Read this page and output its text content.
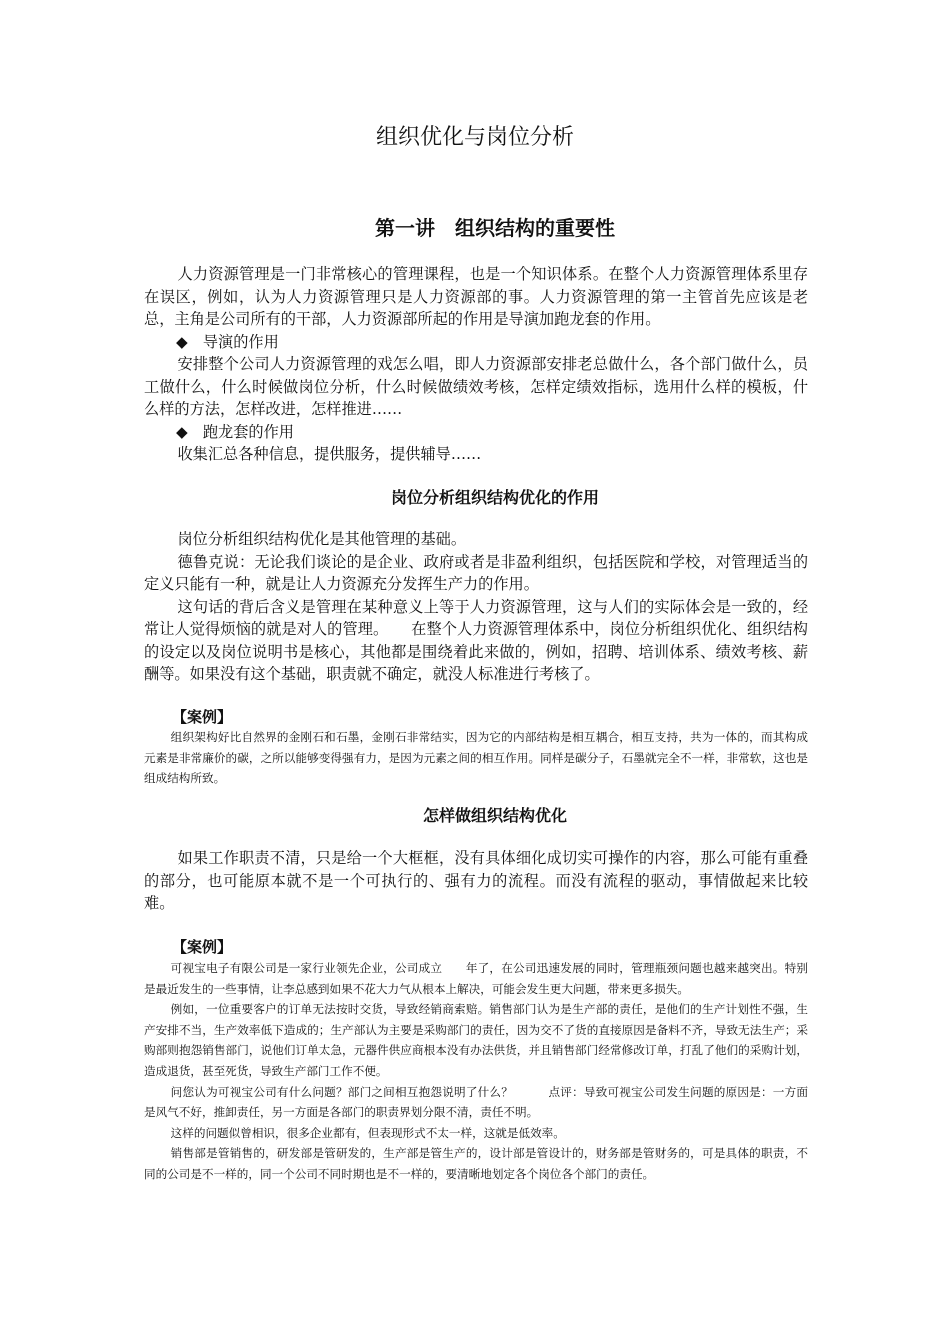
组织优化与岗位分析
第一讲　组织结构的重要性

人力资源管理是一门非常核心的管理课程，也是一个知识体系。在整个人力资源管理体系里存在误区，例如，认为人力资源管理只是人力资源部的事。人力资源管理的第一主管首先应该是老总，主角是公司所有的干部，人力资源部所起的作用是导演加跑龙套的作用。

◆　导演的作用

安排整个公司人力资源管理的戏怎么唱，即人力资源部安排老总做什么，各个部门做什么，员工做什么，什么时候做岗位分析，什么时候做绩效考核，怎样定绩效指标，选用什么样的模板，什么样的方法，怎样改进，怎样推进……

◆　跑龙套的作用

收集汇总各种信息，提供服务，提供辅导……

岗位分析组织结构优化的作用

岗位分析组织结构优化是其他管理的基础。

德鲁克说：无论我们谈论的是企业、政府或者是非盈利组织，包括医院和学校，对管理适当的定义只能有一种，就是让人力资源充分发挥生产力的作用。

这句话的背后含义是管理在某种意义上等于人力资源管理，这与人们的实际体会是一致的，经常让人觉得烦恼的就是对人的管理。　　在整个人力资源管理体系中，岗位分析组织优化、组织结构的设定以及岗位说明书是核心，其他都是围绕着此来做的，例如，招聘、培训体系、绩效考核、薪酬等。如果没有这个基础，职责就不确定，就没人标准进行考核了。

【案例】

组织架构好比自然界的金刚石和石墨，金刚石非常结实，因为它的内部结构是相互耦合，相互支持，共为一体的，而其构成元素是非常廉价的碳，之所以能够变得强有力，是因为元素之间的相互作用。同样是碳分子，石墨就完全不一样，非常软，这也是组成结构所致。

怎样做组织结构优化

如果工作职责不清，只是给一个大框框，没有具体细化成切实可操作的内容，那么可能有重叠的部分，也可能原本就不是一个可执行的、强有力的流程。而没有流程的驱动，事情做起来比较难。

【案例】

可视宝电子有限公司是一家行业领先企业，公司成立　　年了，在公司迅速发展的同时，管理瓶颈问题也越来越突出。特别是最近发生的一些事情，让李总感到如果不花大力气从根本上解决，可能会发生更大问题，带来更多损失。

例如，一位重要客户的订单无法按时交货，导致经销商索赔。销售部门认为是生产部的责任，是他们的生产计划性不强，生产安排不当，生产效率低下造成的；生产部认为主要是采购部门的责任，因为交不了货的直接原因是备料不齐，导致无法生产；采购部则抱怨销售部门，说他们订单太急，元器件供应商根本没有办法供货，并且销售部门经常修改订单，打乱了他们的采购计划，造成退货，甚至死货，导致生产部门工作不便。

问您认为可视宝公司有什么问题？部门之间相互抱怨说明了什么？　　　点评：导致可视宝公司发生问题的原因是：一方面是风气不好，推卸责任，另一方面是各部门的职责界划分限不清，责任不明。

这样的问题似曾相识，很多企业都有，但表现形式不太一样，这就是低效率。

销售部是管销售的，研发部是管研发的，生产部是管生产的，设计部是管设计的，财务部是管财务的，可是具体的职责，不同的公司是不一样的，同一个公司不同时期也是不一样的，要清晰地划定各个岗位各个部门的责任。
